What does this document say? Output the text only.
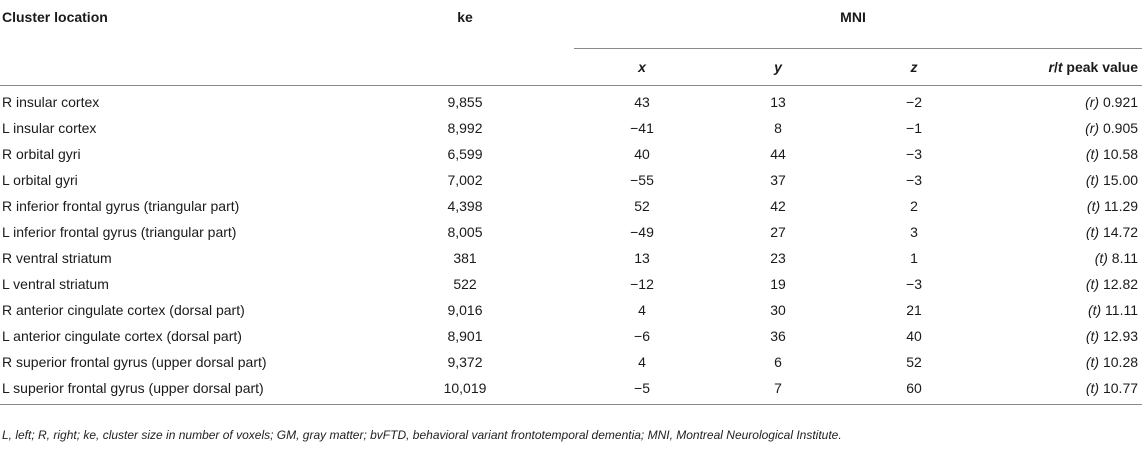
Cluster location	ke	MNI			
		x	y	z	r/t peak value
R insular cortex	9,855	43	13	−2	(r) 0.921
L insular cortex	8,992	−41	8	−1	(r) 0.905
R orbital gyri	6,599	40	44	−3	(t) 10.58
L orbital gyri	7,002	−55	37	−3	(t) 15.00
R inferior frontal gyrus (triangular part)	4,398	52	42	2	(t) 11.29
L inferior frontal gyrus (triangular part)	8,005	−49	27	3	(t) 14.72
R ventral striatum	381	13	23	1	(t) 8.11
L ventral striatum	522	−12	19	−3	(t) 12.82
R anterior cingulate cortex (dorsal part)	9,016	4	30	21	(t) 11.11
L anterior cingulate cortex (dorsal part)	8,901	−6	36	40	(t) 12.93
R superior frontal gyrus (upper dorsal part)	9,372	4	6	52	(t) 10.28
L superior frontal gyrus (upper dorsal part)	10,019	−5	7	60	(t) 10.77
L, left; R, right; ke, cluster size in number of voxels; GM, gray matter; bvFTD, behavioral variant frontotemporal dementia; MNI, Montreal Neurological Institute.
